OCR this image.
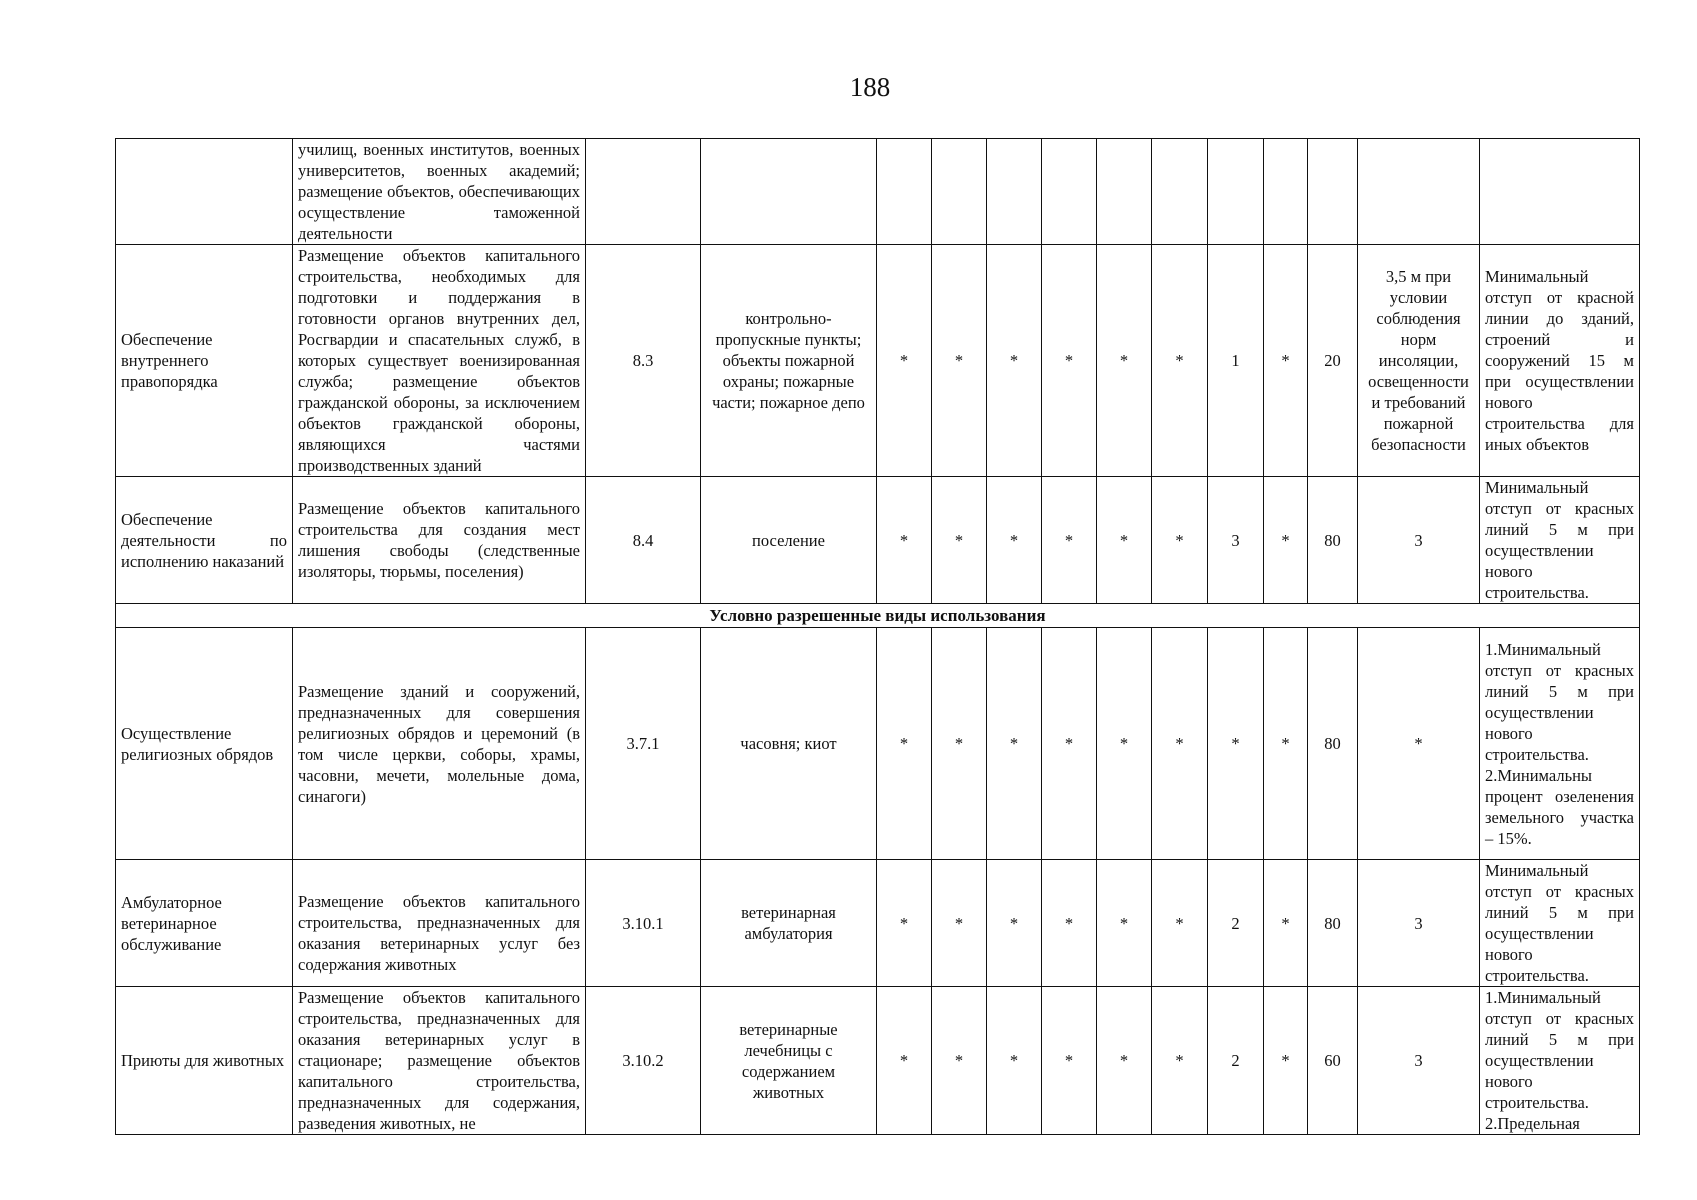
188
	училищ, военных институтов, военных университетов, военных академий; размещение объектов, обеспечивающих осуществление таможенной деятельности													
Обеспечение внутреннего правопорядка	Размещение объектов капитального строительства, необходимых для подготовки и поддержания в готовности органов внутренних дел, Росгвардии и спасательных служб, в которых существует военизированная служба; размещение объектов гражданской обороны, за исключением объектов гражданской обороны, являющихся частями производственных зданий	8.3	контрольно-пропускные пункты; объекты пожарной охраны; пожарные части; пожарное депо	*	*	*	*	*	*	1	*	20	3,5 м при условии соблюдения норм инсоляции, освещенности и требований пожарной безопасности	Минимальный отступ от красной линии до зданий, строений и сооружений 15 м при осуществлении нового строительства для иных объектов
Обеспечение деятельности по исполнению наказаний	Размещение объектов капитального строительства для создания мест лишения свободы (следственные изоляторы, тюрьмы, поселения)	8.4	поселение	*	*	*	*	*	*	3	*	80	3	Минимальный отступ от красных линий 5 м при осуществлении нового строительства.
Условно разрешенные виды использования														
Осуществление религиозных обрядов	Размещение зданий и сооружений, предназначенных для совершения религиозных обрядов и церемоний (в том числе церкви, соборы, храмы, часовни, мечети, молельные дома, синагоги)	3.7.1	часовня; киот	*	*	*	*	*	*	*	*	80	*	1.Минимальный отступ от красных линий 5 м при осуществлении нового строительства. 2.Минимальны процент озеленения земельного участка – 15%.
Амбулаторное ветеринарное обслуживание	Размещение объектов капитального строительства, предназначенных для оказания ветеринарных услуг без содержания животных	3.10.1	ветеринарная амбулатория	*	*	*	*	*	*	2	*	80	3	Минимальный отступ от красных линий 5 м при осуществлении нового строительства.
Приюты для животных	Размещение объектов капитального строительства, предназначенных для оказания ветеринарных услуг в стационаре; размещение объектов капитального строительства, предназначенных для содержания, разведения животных, не	3.10.2	ветеринарные лечебницы с содержанием животных	*	*	*	*	*	*	2	*	60	3	1.Минимальный отступ от красных линий 5 м при осуществлении нового строительства. 2.Предельная
